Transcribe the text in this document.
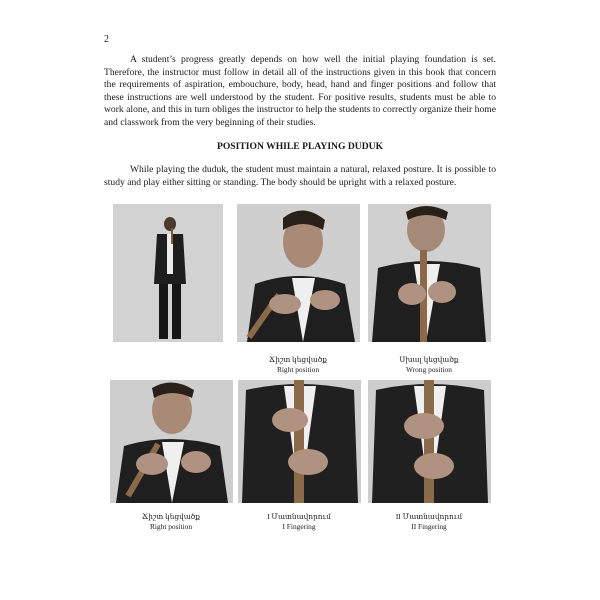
2

A student’s progress greatly depends on how well the initial playing foundation is set. Therefore, the instructor must follow in detail all of the instructions given in this book that concern the requirements of aspiration, embouchure, body, head, hand and finger positions and follow that these instructions are well understood by the student. For positive results, students must be able to work alone, and this in turn obliges the instructor to help the students to correctly organize their home and classwork from the very beginning of their studies.

POSITION WHILE PLAYING DUDUK

While playing the duduk, the student must maintain a natural, relaxed posture. It is possible to study and play either sitting or standing. The body should be upright with a relaxed posture.

Ճիշտ կեցվածք
Right position
Սխալ կեցվածք
Wrong position
Ճիշտ կեցվածք
Right position
I Մատնավորում
I Fingering
II Մատնավորում
II Fingering
